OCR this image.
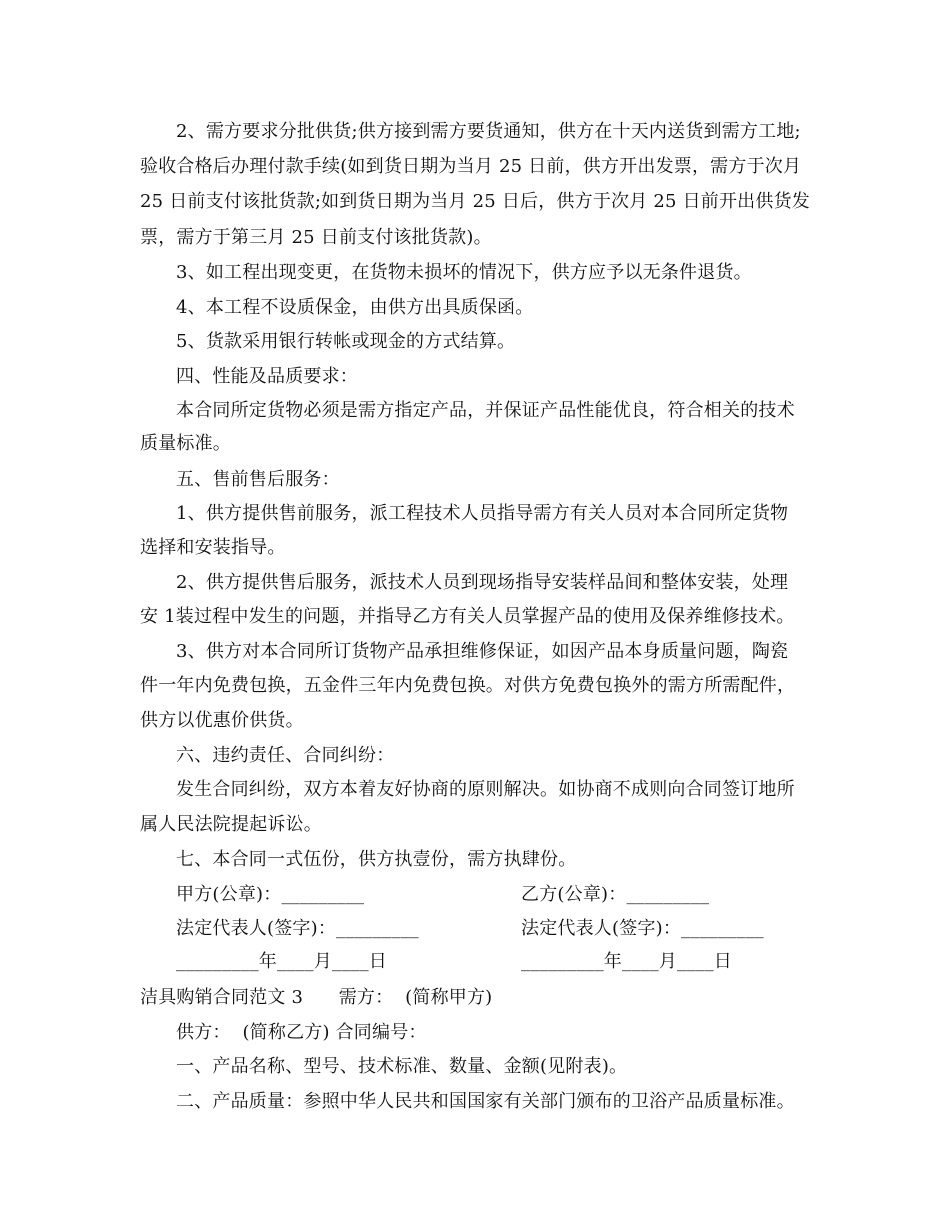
2、需方要求分批供货;供方接到需方要货通知，供方在十天内送货到需方工地;
验收合格后办理付款手续(如到货日期为当月 25 日前，供方开出发票，需方于次月
25 日前支付该批货款;如到货日期为当月 25 日后，供方于次月 25 日前开出供货发
票，需方于第三月 25 日前支付该批货款)。
3、如工程出现变更，在货物未损坏的情况下，供方应予以无条件退货。
4、本工程不设质保金，由供方出具质保函。
5、货款采用银行转帐或现金的方式结算。
四、性能及品质要求：
本合同所定货物必须是需方指定产品，并保证产品性能优良，符合相关的技术
质量标准。
五、售前售后服务：
1、供方提供售前服务，派工程技术人员指导需方有关人员对本合同所定货物
选择和安装指导。
2、供方提供售后服务，派技术人员到现场指导安装样品间和整体安装，处理
安 1装过程中发生的问题，并指导乙方有关人员掌握产品的使用及保养维修技术。
3、供方对本合同所订货物产品承担维修保证，如因产品本身质量问题，陶瓷
件一年内免费包换，五金件三年内免费包换。对供方免费包换外的需方所需配件，
供方以优惠价供货。
六、违约责任、合同纠纷：
发生合同纠纷，双方本着友好协商的原则解决。如协商不成则向合同签订地所
属人民法院提起诉讼。
七、本合同一式伍份，供方执壹份，需方执肆份。
甲方(公章)：_________	乙方(公章)：_________
法定代表人(签字)：_________	法定代表人(签字)：_________
_________年____月____日	_________年____月____日
洁具购销合同范文 3      需方：  (简称甲方)
供方：  (简称乙方) 合同编号：
一、产品名称、型号、技术标准、数量、金额(见附表)。
二、产品质量：参照中华人民共和国国家有关部门颁布的卫浴产品质量标准。
